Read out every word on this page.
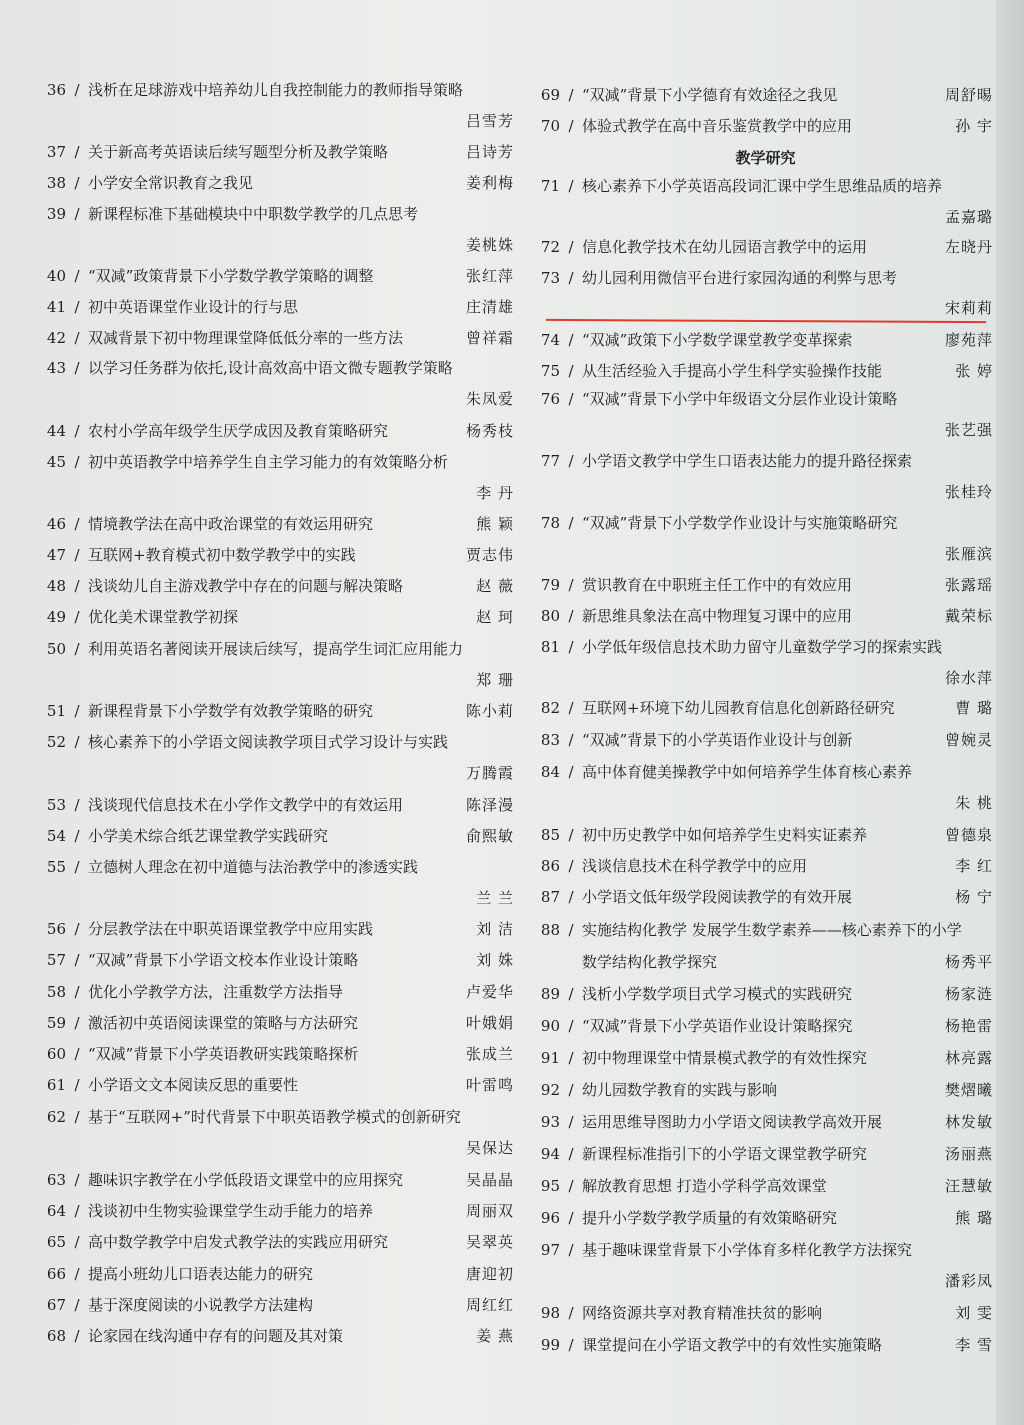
36 / 浅析在足球游戏中培养幼儿自我控制能力的教师指导策略
吕雪芳
37 / 关于新高考英语读后续写题型分析及教学策略	吕诗芳
38 / 小学安全常识教育之我见	姜利梅
39 / 新课程标准下基础模块中中职数学教学的几点思考
姜桃姝
40 / “双减”政策背景下小学数学教学策略的调整	张红萍
41 / 初中英语课堂作业设计的行与思	庄清雄
42 / 双减背景下初中物理课堂降低低分率的一些方法	曾祥霜
43 / 以学习任务群为依托,设计高效高中语文微专题教学策略
朱凤爱
44 / 农村小学高年级学生厌学成因及教育策略研究	杨秀枝
45 / 初中英语教学中培养学生自主学习能力的有效策略分析
李 丹
46 / 情境教学法在高中政治课堂的有效运用研究	熊 颖
47 / 互联网+教育模式初中数学教学中的实践	贾志伟
48 / 浅谈幼儿自主游戏教学中存在的问题与解决策略	赵 薇
49 / 优化美术课堂教学初探	赵 珂
50 / 利用英语名著阅读开展读后续写，提高学生词汇应用能力
郑 珊
51 / 新课程背景下小学数学有效教学策略的研究	陈小莉
52 / 核心素养下的小学语文阅读教学项目式学习设计与实践
万腾霞
53 / 浅谈现代信息技术在小学作文教学中的有效运用	陈泽漫
54 / 小学美术综合纸艺课堂教学实践研究	俞熙敏
55 / 立德树人理念在初中道德与法治教学中的渗透实践
兰 兰
56 / 分层教学法在中职英语课堂教学中应用实践	刘 洁
57 / “双减”背景下小学语文校本作业设计策略	刘 姝
58 / 优化小学教学方法，注重数学方法指导	卢爱华
59 / 激活初中英语阅读课堂的策略与方法研究	叶娥娟
60 / “双减”背景下小学英语教研实践策略探析	张成兰
61 / 小学语文文本阅读反思的重要性	叶雷鸣
62 / 基于“互联网+”时代背景下中职英语教学模式的创新研究
吴保达
63 / 趣味识字教学在小学低段语文课堂中的应用探究	吴晶晶
64 / 浅谈初中生物实验课堂学生动手能力的培养	周丽双
65 / 高中数学教学中启发式教学法的实践应用研究	吴翠英
66 / 提高小班幼儿口语表达能力的研究	唐迎初
67 / 基于深度阅读的小说教学方法建构	周红红
68 / 论家园在线沟通中存有的问题及其对策	姜 燕
69 / “双减”背景下小学德育有效途径之我见	周舒晹
70 / 体验式教学在高中音乐鉴赏教学中的应用	孙 宇
教学研究
71 / 核心素养下小学英语高段词汇课中学生思维品质的培养
孟嘉璐
72 / 信息化教学技术在幼儿园语言教学中的运用	左晓丹
73 / 幼儿园利用微信平台进行家园沟通的利弊与思考
宋莉莉
74 / “双减”政策下小学数学课堂教学变革探索	廖苑萍
75 / 从生活经验入手提高小学生科学实验操作技能	张 婷
76 / “双减”背景下小学中年级语文分层作业设计策略
张艺强
77 / 小学语文教学中学生口语表达能力的提升路径探索
张桂玲
78 / “双减”背景下小学数学作业设计与实施策略研究
张雁滨
79 / 赏识教育在中职班主任工作中的有效应用	张露瑶
80 / 新思维具象法在高中物理复习课中的应用	戴荣标
81 / 小学低年级信息技术助力留守儿童数学学习的探索实践
徐水萍
82 / 互联网+环境下幼儿园教育信息化创新路径研究	曹 璐
83 / “双减”背景下的小学英语作业设计与创新	曾婉灵
84 / 高中体育健美操教学中如何培养学生体育核心素养
朱 桃
85 / 初中历史教学中如何培养学生史料实证素养	曾德泉
86 / 浅谈信息技术在科学教学中的应用	李 红
87 / 小学语文低年级学段阅读教学的有效开展	杨 宁
88 / 实施结构化教学 发展学生数学素养——核心素养下的小学
数学结构化教学探究	杨秀平
89 / 浅析小学数学项目式学习模式的实践研究	杨家涟
90 / “双减”背景下小学英语作业设计策略探究	杨艳雷
91 / 初中物理课堂中情景模式教学的有效性探究	林亮露
92 / 幼儿园数学教育的实践与影响	樊熠曦
93 / 运用思维导图助力小学语文阅读教学高效开展	林发敏
94 / 新课程标准指引下的小学语文课堂教学研究	汤丽燕
95 / 解放教育思想 打造小学科学高效课堂	汪慧敏
96 / 提升小学数学教学质量的有效策略研究	熊 璐
97 / 基于趣味课堂背景下小学体育多样化教学方法探究
潘彩凤
98 / 网络资源共享对教育精准扶贫的影响	刘 雯
99 / 课堂提问在小学语文教学中的有效性实施策略	李 雪
